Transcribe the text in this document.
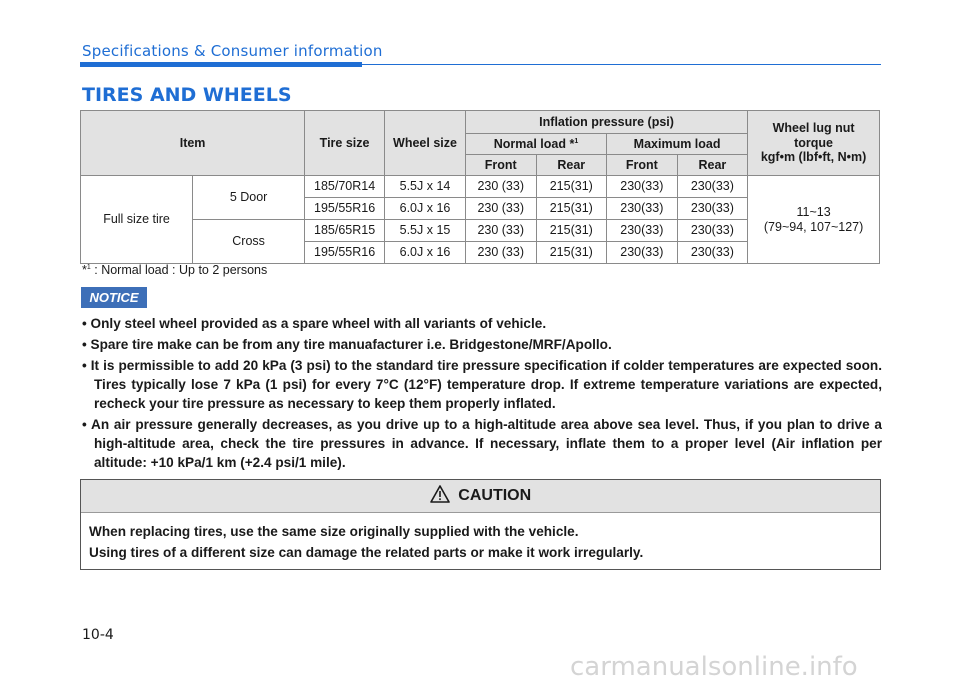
Specifications & Consumer information
TIRES AND WHEELS
Item		Tire size	Wheel size	Inflation pressure (psi)				Wheel lug nut
torque
kgf•m (lbf•ft, N•m)

				Normal load *$^1$		Maximum load		
				Front	Rear	Front	Rear	
Full size tire	5 Door	185/70R14	5.5J x 14	230 (33)	215(31)	230(33)	230(33)	11~13
(79~94, 107~127)

		195/55R16	6.0J x 16	230 (33)	215(31)	230(33)	230(33)	
	Cross	185/65R15	5.5J x 15	230 (33)	215(31)	230(33)	230(33)	
		195/55R16	6.0J x 16	230 (33)	215(31)	230(33)	230(33)	
*$^1$ : Normal load : Up to 2 persons
NOTICE
• Only steel wheel provided as a spare wheel with all variants of vehicle.
• Spare tire make can be from any tire manuafacturer i.e. Bridgestone/MRF/Apollo.
• It is permissible to add 20 kPa (3 psi) to the standard tire pressure specification if colder temperatures are expected soon. Tires typically lose 7 kPa (1 psi) for every 7°C (12°F) temperature drop. If extreme temperature variations are expected, recheck your tire pressure as necessary to keep them properly inflated.
• An air pressure generally decreases, as you drive up to a high-altitude area above sea level. Thus, if you plan to drive a high-altitude area, check the tire pressures in advance. If necessary, inflate them to a proper level (Air inflation per altitude: +10 kPa/1 km (+2.4 psi/1 mile).
CAUTION
When replacing tires, use the same size originally supplied with the vehicle.
Using tires of a different size can damage the related parts or make it work irregularly.
10-4
carmanualsonline.info
